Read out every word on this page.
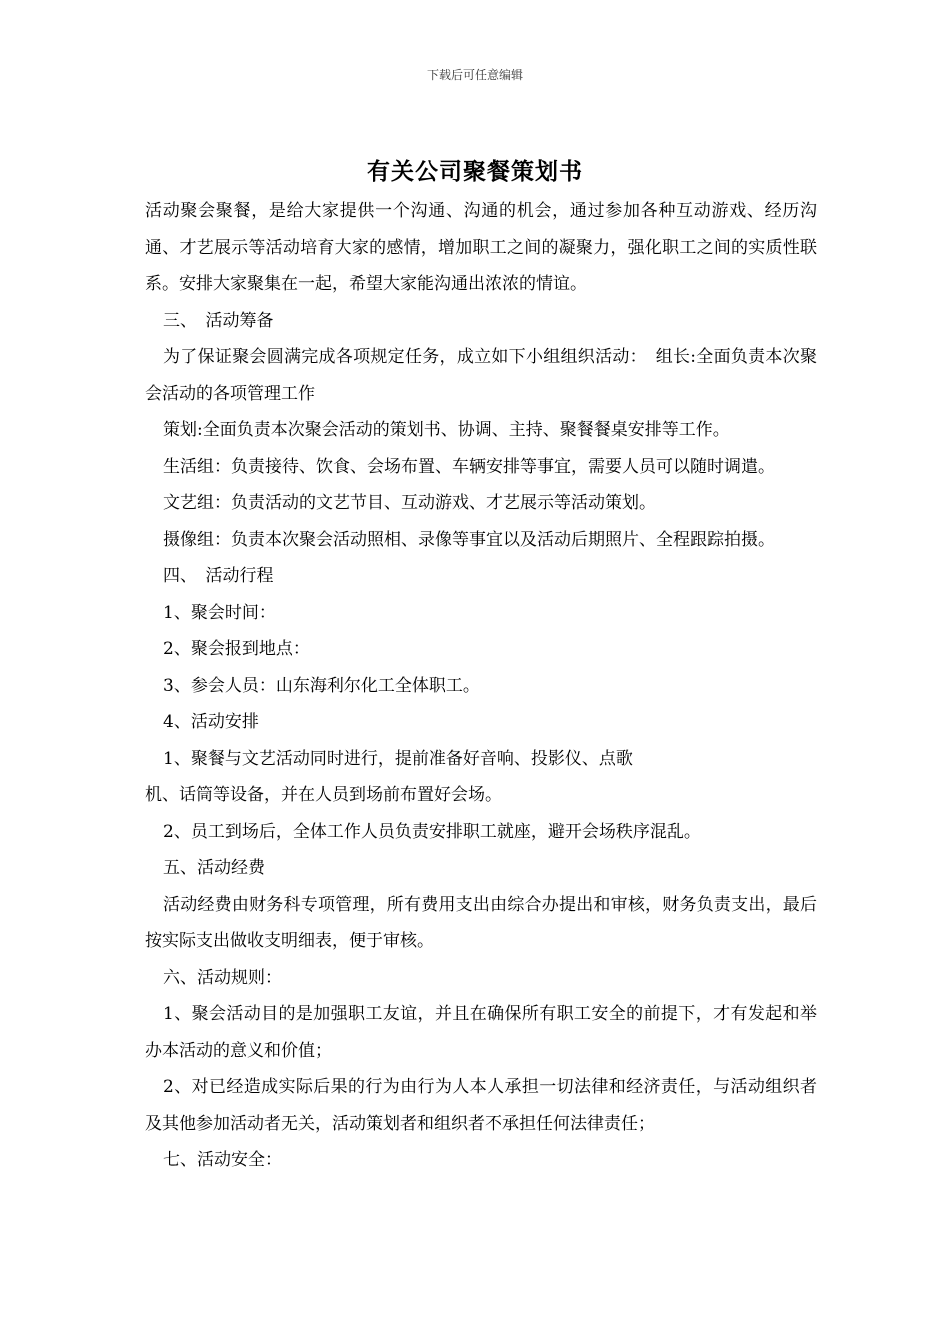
下载后可任意编辑
有关公司聚餐策划书

活动聚会聚餐，是给大家提供一个沟通、沟通的机会，通过参加各种互动游戏、经历沟通、才艺展示等活动培育大家的感情，增加职工之间的凝聚力，强化职工之间的实质性联系。安排大家聚集在一起，希望大家能沟通出浓浓的情谊。

三、　活动筹备

为了保证聚会圆满完成各项规定任务，成立如下小组组织活动：　组长:全面负责本次聚会活动的各项管理工作

策划:全面负责本次聚会活动的策划书、协调、主持、聚餐餐桌安排等工作。

生活组：负责接待、饮食、会场布置、车辆安排等事宜，需要人员可以随时调遣。

文艺组：负责活动的文艺节目、互动游戏、才艺展示等活动策划。

摄像组：负责本次聚会活动照相、录像等事宜以及活动后期照片、全程跟踪拍摄。

四、　活动行程

1、聚会时间：

2、聚会报到地点：

3、参会人员：山东海利尔化工全体职工。

4、活动安排

1、聚餐与文艺活动同时进行，提前准备好音响、投影仪、点歌

机、话筒等设备，并在人员到场前布置好会场。

2、员工到场后，全体工作人员负责安排职工就座，避开会场秩序混乱。

五、活动经费

活动经费由财务科专项管理，所有费用支出由综合办提出和审核，财务负责支出，最后按实际支出做收支明细表，便于审核。

六、活动规则：

1、聚会活动目的是加强职工友谊，并且在确保所有职工安全的前提下，才有发起和举办本活动的意义和价值；

2、对已经造成实际后果的行为由行为人本人承担一切法律和经济责任，与活动组织者及其他参加活动者无关，活动策划者和组织者不承担任何法律责任；

七、活动安全：
